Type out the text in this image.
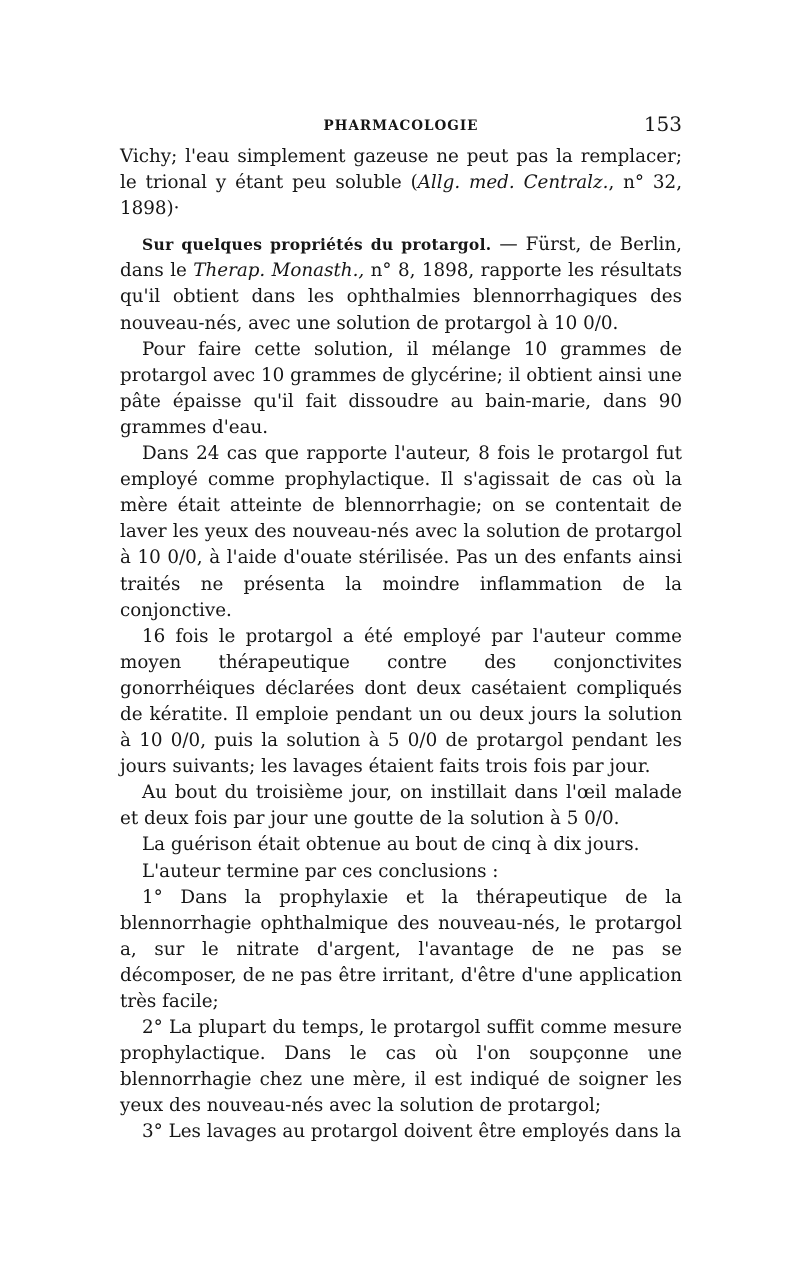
PHARMACOLOGIE	153

Vichy; l'eau simplement gazeuse ne peut pas la remplacer; le trional y étant peu soluble (Allg. med. Centralz., n° 32, 1898)·

Sur quelques propriétés du protargol. — Fürst, de Berlin, dans le Therap. Monasth., n° 8, 1898, rapporte les résultats qu'il obtient dans les ophthalmies blennorrhagiques des nouveau-nés, avec une solution de protargol à 10 0/0.

Pour faire cette solution, il mélange 10 grammes de protargol avec 10 grammes de glycérine; il obtient ainsi une pâte épaisse qu'il fait dissoudre au bain-marie, dans 90 grammes d'eau.

Dans 24 cas que rapporte l'auteur, 8 fois le protargol fut employé comme prophylactique. Il s'agissait de cas où la mère était atteinte de blennorrhagie; on se contentait de laver les yeux des nouveau-nés avec la solution de protargol à 10 0/0, à l'aide d'ouate stérilisée. Pas un des enfants ainsi traités ne présenta la moindre inflammation de la conjonctive.

16 fois le protargol a été employé par l'auteur comme moyen thérapeutique contre des conjonctivites gonorrhéiques déclarées dont deux casétaient compliqués de kératite. Il emploie pendant un ou deux jours la solution à 10 0/0, puis la solution à 5 0/0 de protargol pendant les jours suivants; les lavages étaient faits trois fois par jour.

Au bout du troisième jour, on instillait dans l'œil malade et deux fois par jour une goutte de la solution à 5 0/0.

La guérison était obtenue au bout de cinq à dix jours.

L'auteur termine par ces conclusions :

1° Dans la prophylaxie et la thérapeutique de la blennorrhagie ophthalmique des nouveau-nés, le protargol a, sur le nitrate d'argent, l'avantage de ne pas se décomposer, de ne pas être irritant, d'être d'une application très facile;

2° La plupart du temps, le protargol suffit comme mesure prophylactique. Dans le cas où l'on soupçonne une blennorrhagie chez une mère, il est indiqué de soigner les yeux des nouveau-nés avec la solution de protargol;

3° Les lavages au protargol doivent être employés dans la
